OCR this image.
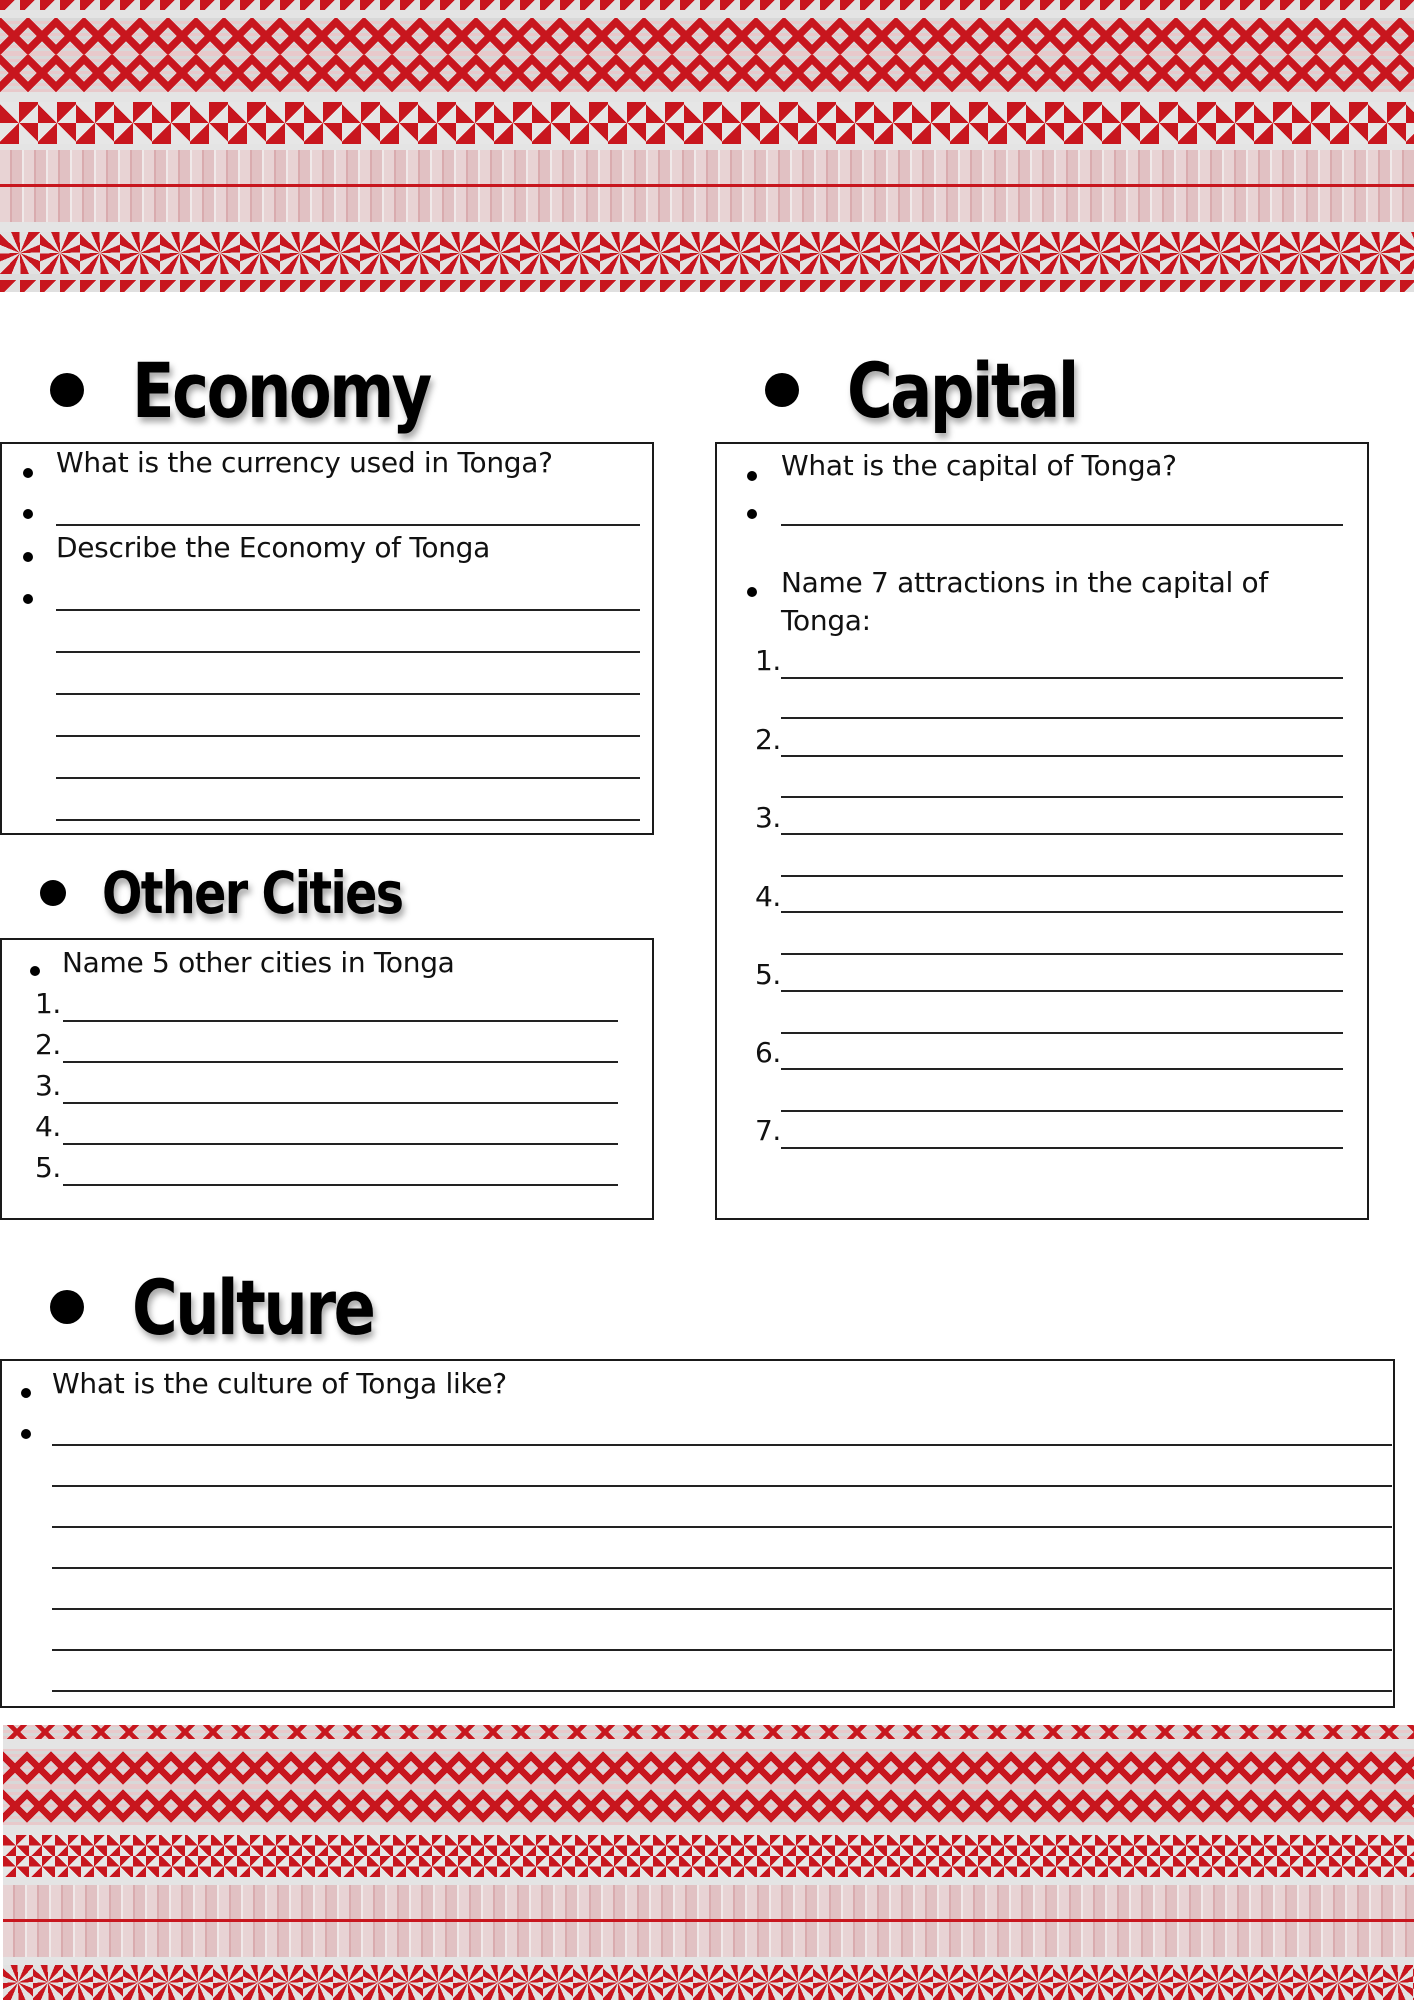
Economy
What is the currency used in Tonga?
Describe the Economy of Tonga
Capital
What is the capital of Tonga?
Name 7 attractions in the capital of
Tonga:
1.
2.
3.
4.
5.
6.
7.
Other Cities
Name 5 other cities in Tonga
1.
2.
3.
4.
5.
Culture
What is the culture of Tonga like?
